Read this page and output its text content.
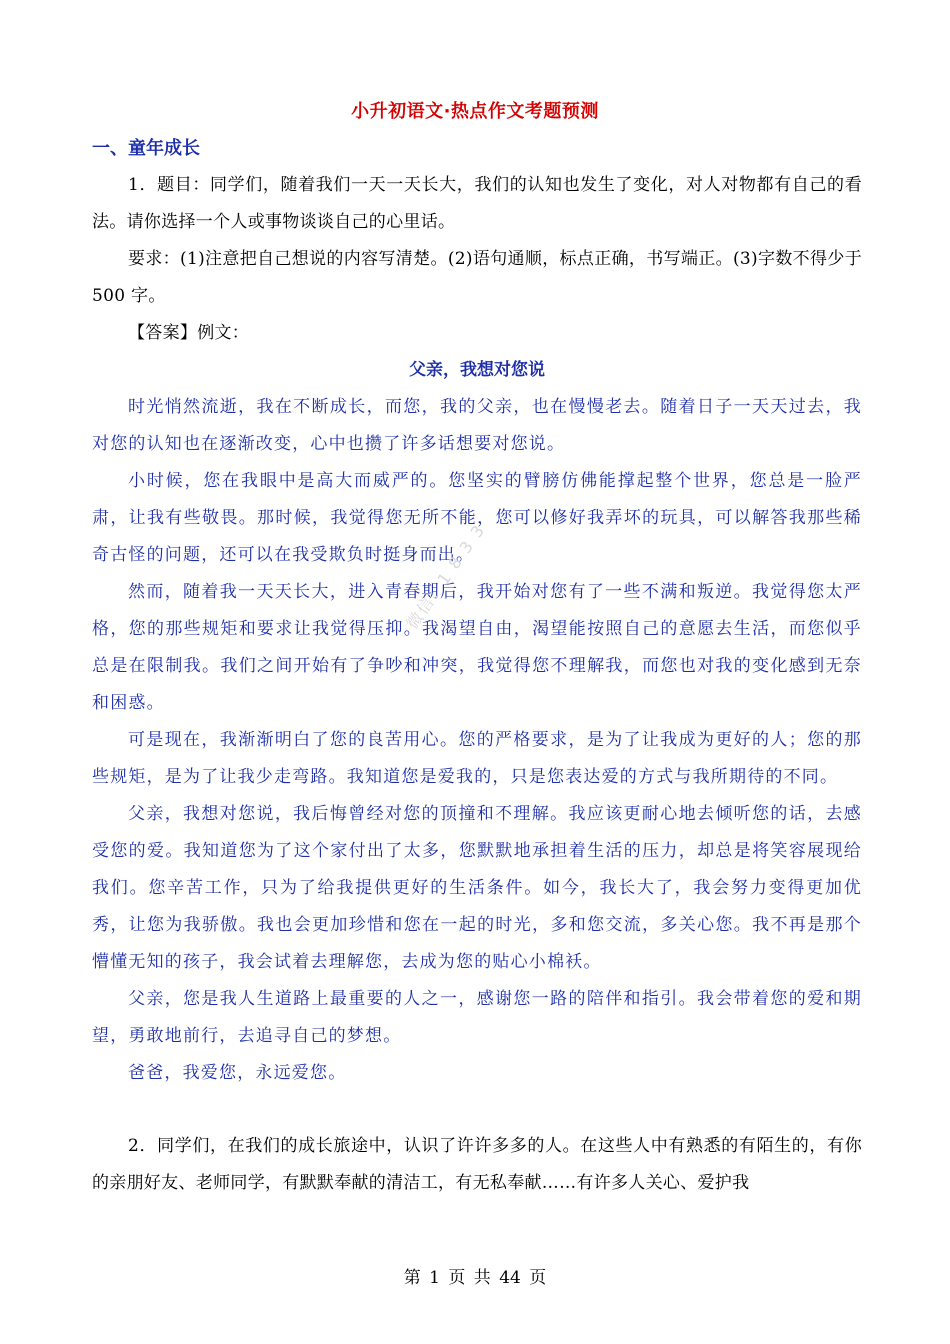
小升初语文·热点作文考题预测
一、童年成长

1．题目：同学们，随着我们一天一天长大，我们的认知也发生了变化，对人对物都有自己的看法。请你选择一个人或事物谈谈自己的心里话。

要求：(1)注意把自己想说的内容写清楚。(2)语句通顺，标点正确，书写端正。(3)字数不得少于 500 字。

【答案】例文：

父亲，我想对您说

时光悄然流逝，我在不断成长，而您，我的父亲，也在慢慢老去。随着日子一天天过去，我对您的认知也在逐渐改变，心中也攒了许多话想要对您说。

小时候，您在我眼中是高大而威严的。您坚实的臂膀仿佛能撑起整个世界，您总是一脸严肃，让我有些敬畏。那时候，我觉得您无所不能，您可以修好我弄坏的玩具，可以解答我那些稀奇古怪的问题，还可以在我受欺负时挺身而出。

然而，随着我一天天长大，进入青春期后，我开始对您有了一些不满和叛逆。我觉得您太严格，您的那些规矩和要求让我觉得压抑。我渴望自由，渴望能按照自己的意愿去生活，而您似乎总是在限制我。我们之间开始有了争吵和冲突，我觉得您不理解我，而您也对我的变化感到无奈和困惑。

可是现在，我渐渐明白了您的良苦用心。您的严格要求，是为了让我成为更好的人；您的那些规矩，是为了让我少走弯路。我知道您是爱我的，只是您表达爱的方式与我所期待的不同。

父亲，我想对您说，我后悔曾经对您的顶撞和不理解。我应该更耐心地去倾听您的话，去感受您的爱。我知道您为了这个家付出了太多，您默默地承担着生活的压力，却总是将笑容展现给我们。您辛苦工作，只为了给我提供更好的生活条件。如今，我长大了，我会努力变得更加优秀，让您为我骄傲。我也会更加珍惜和您在一起的时光，多和您交流，多关心您。我不再是那个懵懂无知的孩子，我会试着去理解您，去成为您的贴心小棉袄。

父亲，您是我人生道路上最重要的人之一，感谢您一路的陪伴和指引。我会带着您的爱和期望，勇敢地前行，去追寻自己的梦想。

爸爸，我爱您，永远爱您。

2．同学们，在我们的成长旅途中，认识了许许多多的人。在这些人中有熟悉的有陌生的，有你的亲朋好友、老师同学，有默默奉献的清洁工，有无私奉献……有许多人关心、爱护我

微信：1 8 3 3
第 1 页 共 44 页
